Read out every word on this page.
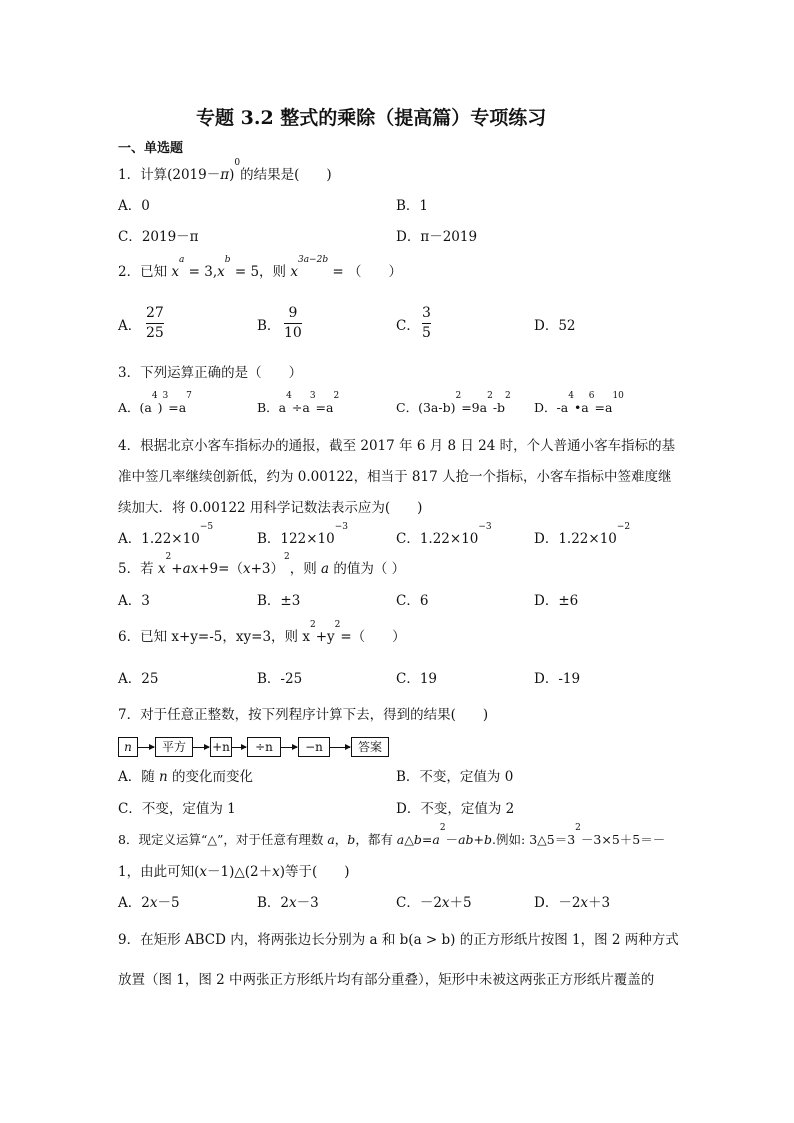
专题 3.2 整式的乘除（提高篇）专项练习
一、单选题
1．计算$(2019-\pi)^0$的结果是(　　)
A．0	B．1
C．2019－π	D．π－2019
2．已知 $x^a = 3,x^b = 5$，则 $x^{3a-2b}$ = （　　）
A．
27
25	B．
9
10	C．
3
5	D．52
3．下列运算正确的是（　　）
A．$(a^4)^3=a^7$
B．$a^4\div a^3=a^2$
C．$(3a-b)^2=9a^2-b^2$
D．$-a^4•a^6=a^{10}$
4．根据北京小客车指标办的通报，截至 2017 年 6 月 8 日 24 时，个人普通小客车指标的基
准中签几率继续创新低，约为 0.00122，相当于 817 人抢一个指标，小客车指标中签难度继
续加大．将 0.00122 用科学记数法表示应为(　　)
A．$1.22\times 10^{-5}$
B．$122\times 10^{-3}$
C．$1.22\times 10^{-3}$
D．$1.22\times 10^{-2}$
5．若 $x^2+ax+9=(x+3)^2$，则 a 的值为（ ）
A．3	B．±3	C．6	D．±6
6．已知 x+y=-5，xy=3，则 $x^2+y^2=$（　　）
A．25	B．-25	C．19	D．-19
7．对于任意正整数，按下列程序计算下去，得到的结果(　　)
n	平方	+n	÷n	−n	答案
A．随 n 的变化而变化	B．不变，定值为 0
C．不变，定值为 1	D．不变，定值为 2
8．现定义运算“△”，对于任意有理数 a，b，都有 $a\triangle b=a^2-ab+b$.例如: $3\triangle 5=3^2-3\times 5+5=-$
1，由此可知(x－1)△(2＋x)等于(　　)
A．2x－5	B．2x－3	C．－2x＋5	D．－2x＋3
9．在矩形 ABCD 内，将两张边长分别为 a 和 b(a > b) 的正方形纸片按图 1，图 2 两种方式
放置（图 1，图 2 中两张正方形纸片均有部分重叠），矩形中未被这两张正方形纸片覆盖的
